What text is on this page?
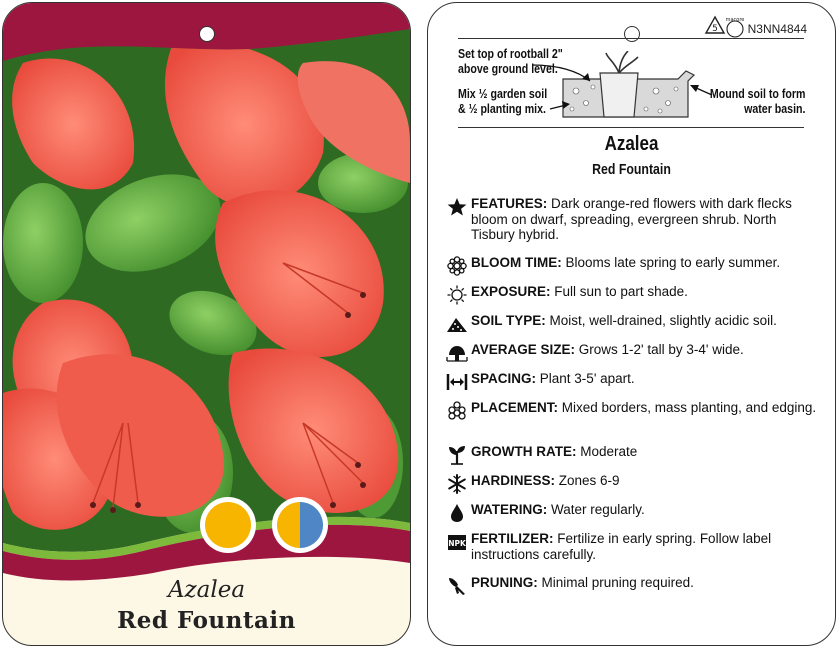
Azalea
Red Fountain
5
macore
N3NN4844
Set top of rootball 2"
above ground level.
Mix ½ garden soil
& ½ planting mix.
Mound soil to form
water basin.
Azalea
Red Fountain
FEATURES: Dark orange-red flowers with dark flecks bloom on dwarf, spreading, evergreen shrub. North Tisbury hybrid.
BLOOM TIME: Blooms late spring to early summer.
EXPOSURE: Full sun to part shade.
SOIL TYPE: Moist, well-drained, slightly acidic soil.
AVERAGE SIZE: Grows 1-2' tall by 3-4' wide.
SPACING: Plant 3-5' apart.
PLACEMENT: Mixed borders, mass planting, and edging.
GROWTH RATE: Moderate
HARDINESS: Zones 6-9
WATERING: Water regularly.
NPK FERTILIZER: Fertilize in early spring. Follow label instructions carefully.
PRUNING: Minimal pruning required.
